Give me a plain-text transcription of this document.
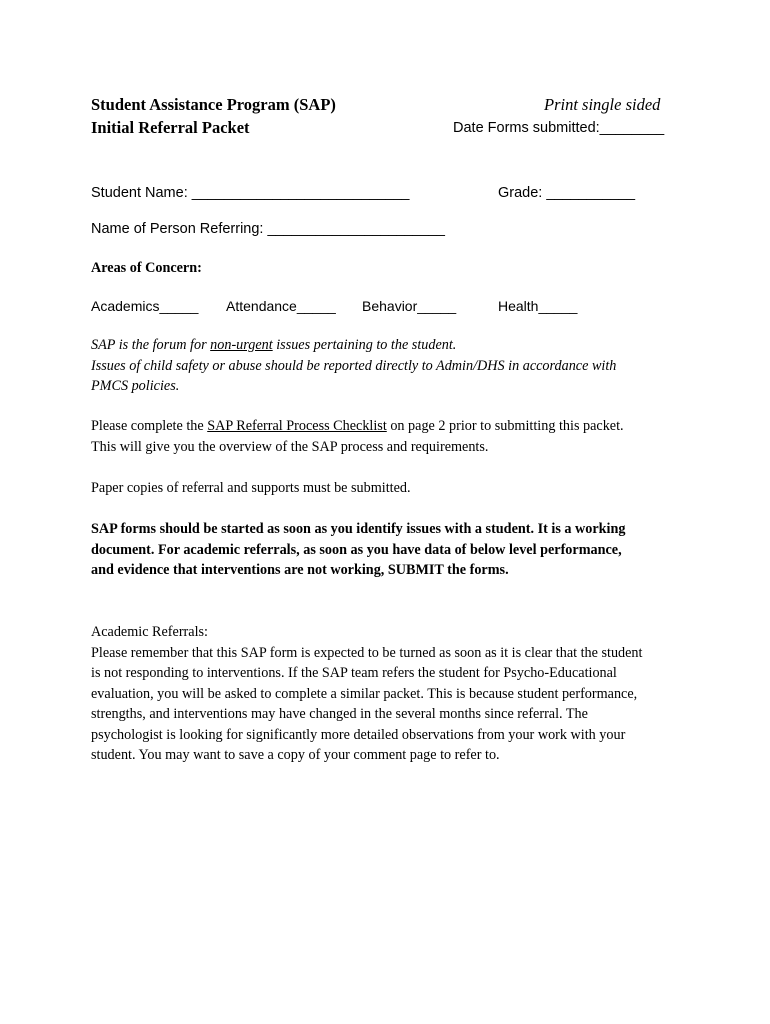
Student Assistance Program (SAP)
Initial Referral Packet
Print single sided
Date Forms submitted:________
Student Name: ___________________________	Grade: ___________
Name of Person Referring: ______________________
Areas of Concern:
Academics_____ Attendance_____ Behavior_____	Health_____
SAP is the forum for non-urgent issues pertaining to the student.
Issues of child safety or abuse should be reported directly to Admin/DHS in accordance with
PMCS policies.
Please complete the SAP Referral Process Checklist on page 2 prior to submitting this packet.
This will give you the overview of the SAP process and requirements.
Paper copies of referral and supports must be submitted.
SAP forms should be started as soon as you identify issues with a student. It is a working
document. For academic referrals, as soon as you have data of below level performance,
and evidence that interventions are not working, SUBMIT the forms.
Academic Referrals:
Please remember that this SAP form is expected to be turned as soon as it is clear that the student
is not responding to interventions. If the SAP team refers the student for Psycho-Educational
evaluation, you will be asked to complete a similar packet. This is because student performance,
strengths, and interventions may have changed in the several months since referral. The
psychologist is looking for significantly more detailed observations from your work with your
student. You may want to save a copy of your comment page to refer to.
